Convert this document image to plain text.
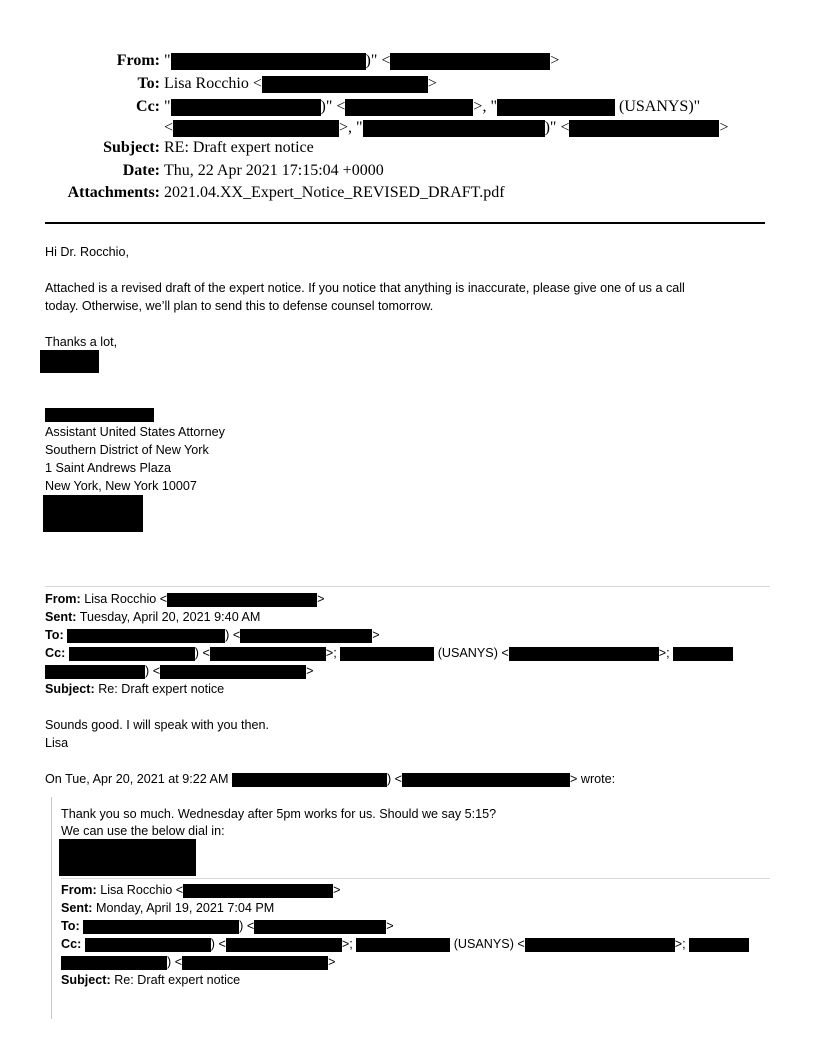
From: "	)" <	>
To: Lisa Rocchio <	>
Cc: "	)" <	>, "	(USANYS)"
<	>, "	)" <	>
Subject: RE: Draft expert notice
Date: Thu, 22 Apr 2021 17:15:04 +0000
Attachments: 2021.04.XX_Expert_Notice_REVISED_DRAFT.pdf
Hi Dr. Rocchio,
Attached is a revised draft of the expert notice. If you notice that anything is inaccurate, please give one of us a call
today. Otherwise, we’ll plan to send this to defense counsel tomorrow.
Thanks a lot,
Assistant United States Attorney
Southern District of New York
1 Saint Andrews Plaza
New York, New York 10007
From: Lisa Rocchio <	>
Sent: Tuesday, April 20, 2021 9:40 AM
To:	) <	>
Cc:	) <	>;	(USANYS) <	>;
) <	>
Subject: Re: Draft expert notice
Sounds good. I will speak with you then.
Lisa
On Tue, Apr 20, 2021 at 9:22 AM	) <	> wrote:
Thank you so much. Wednesday after 5pm works for us. Should we say 5:15?
We can use the below dial in:
From: Lisa Rocchio <	>
Sent: Monday, April 19, 2021 7:04 PM
To:	) <	>
Cc:	) <	>;	(USANYS) <	>;
) <	>
Subject: Re: Draft expert notice
